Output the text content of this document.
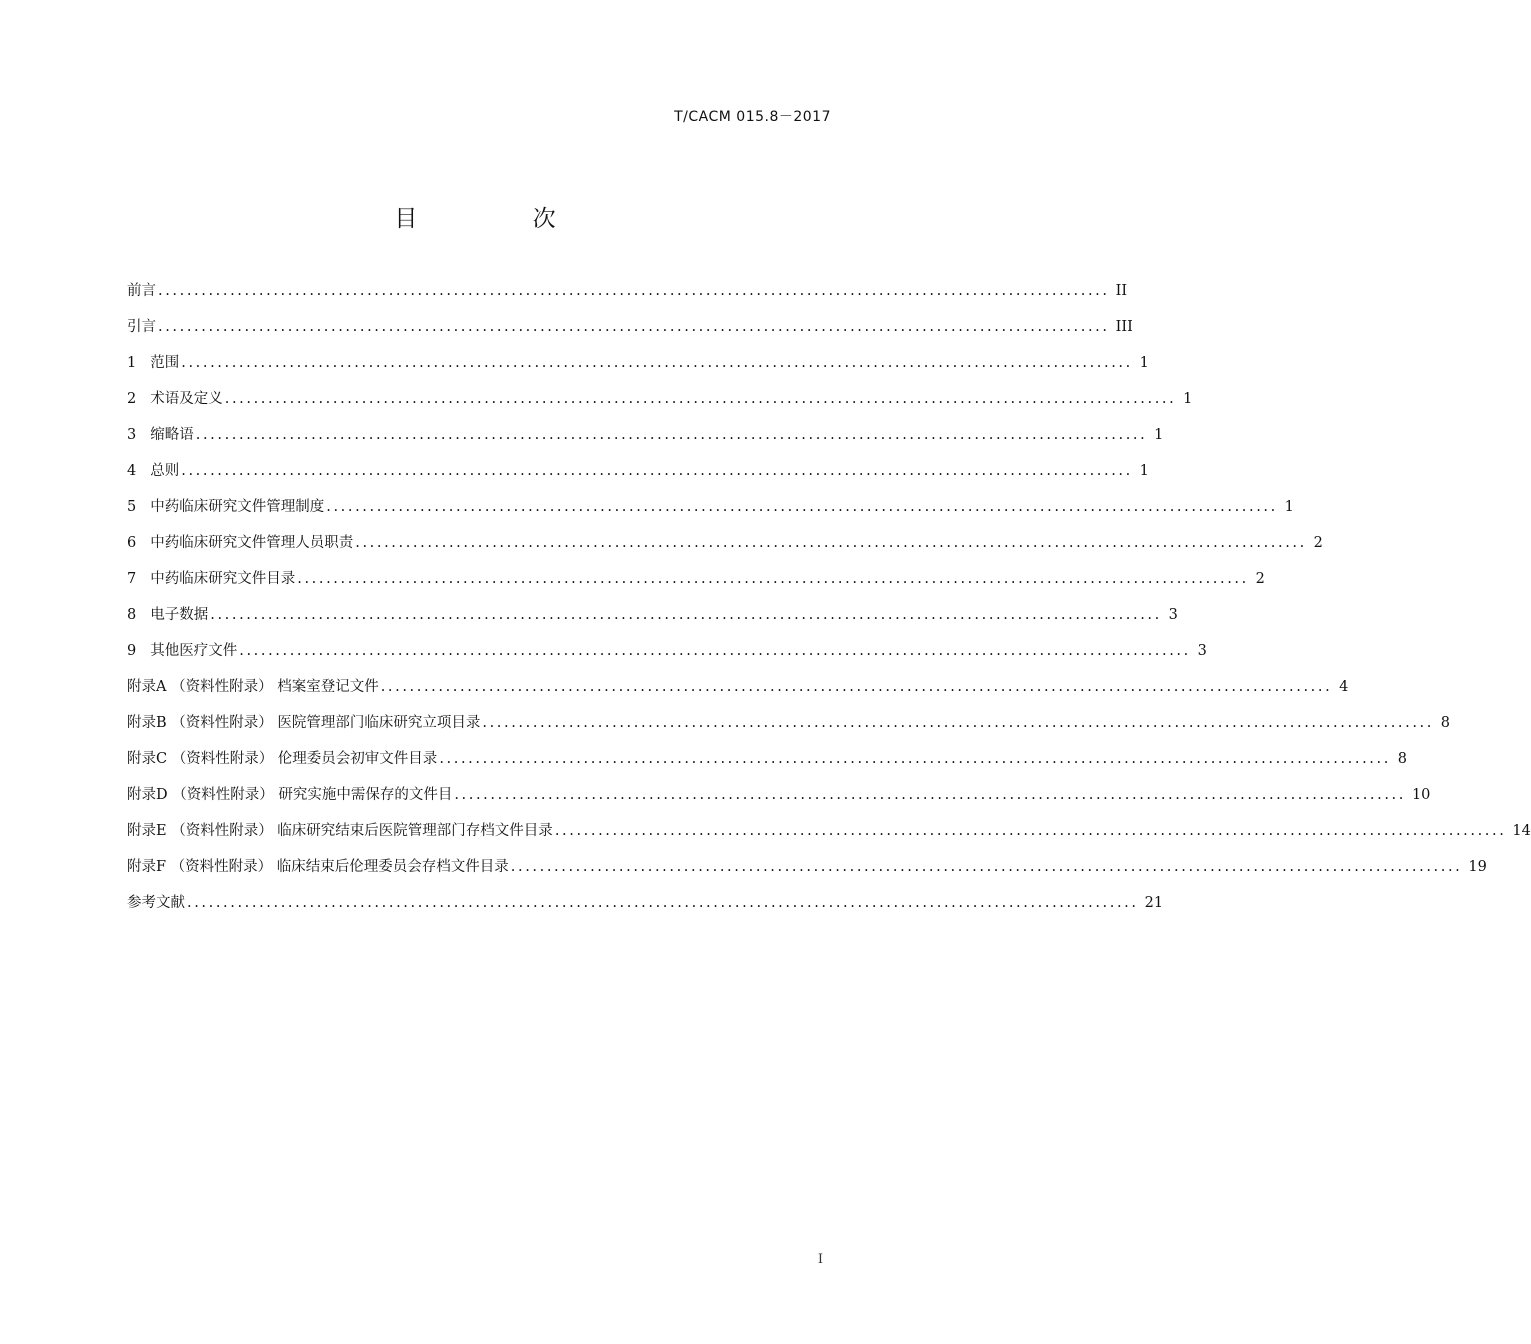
T/CACM 015.8－2017
目 次
前言 .................................................................................................................................... II
引言 .................................................................................................................................... III
1 范围 .................................................................................................................................... 1
2 术语及定义 .................................................................................................................................... 1
3 缩略语 .................................................................................................................................... 1
4 总则 .................................................................................................................................... 1
5 中药临床研究文件管理制度 .................................................................................................................................... 1
6 中药临床研究文件管理人员职责 .................................................................................................................................... 2
7 中药临床研究文件目录 .................................................................................................................................... 2
8 电子数据 .................................................................................................................................... 3
9 其他医疗文件 .................................................................................................................................... 3
附录A （资料性附录） 档案室登记文件 .................................................................................................................................... 4
附录B （资料性附录） 医院管理部门临床研究立项目录 .................................................................................................................................... 8
附录C （资料性附录） 伦理委员会初审文件目录 .................................................................................................................................... 8
附录D （资料性附录） 研究实施中需保存的文件目 .................................................................................................................................... 10
附录E （资料性附录） 临床研究结束后医院管理部门存档文件目录 .................................................................................................................................... 14
附录F （资料性附录） 临床结束后伦理委员会存档文件目录 .................................................................................................................................... 19
参考文献 .................................................................................................................................... 21
I
